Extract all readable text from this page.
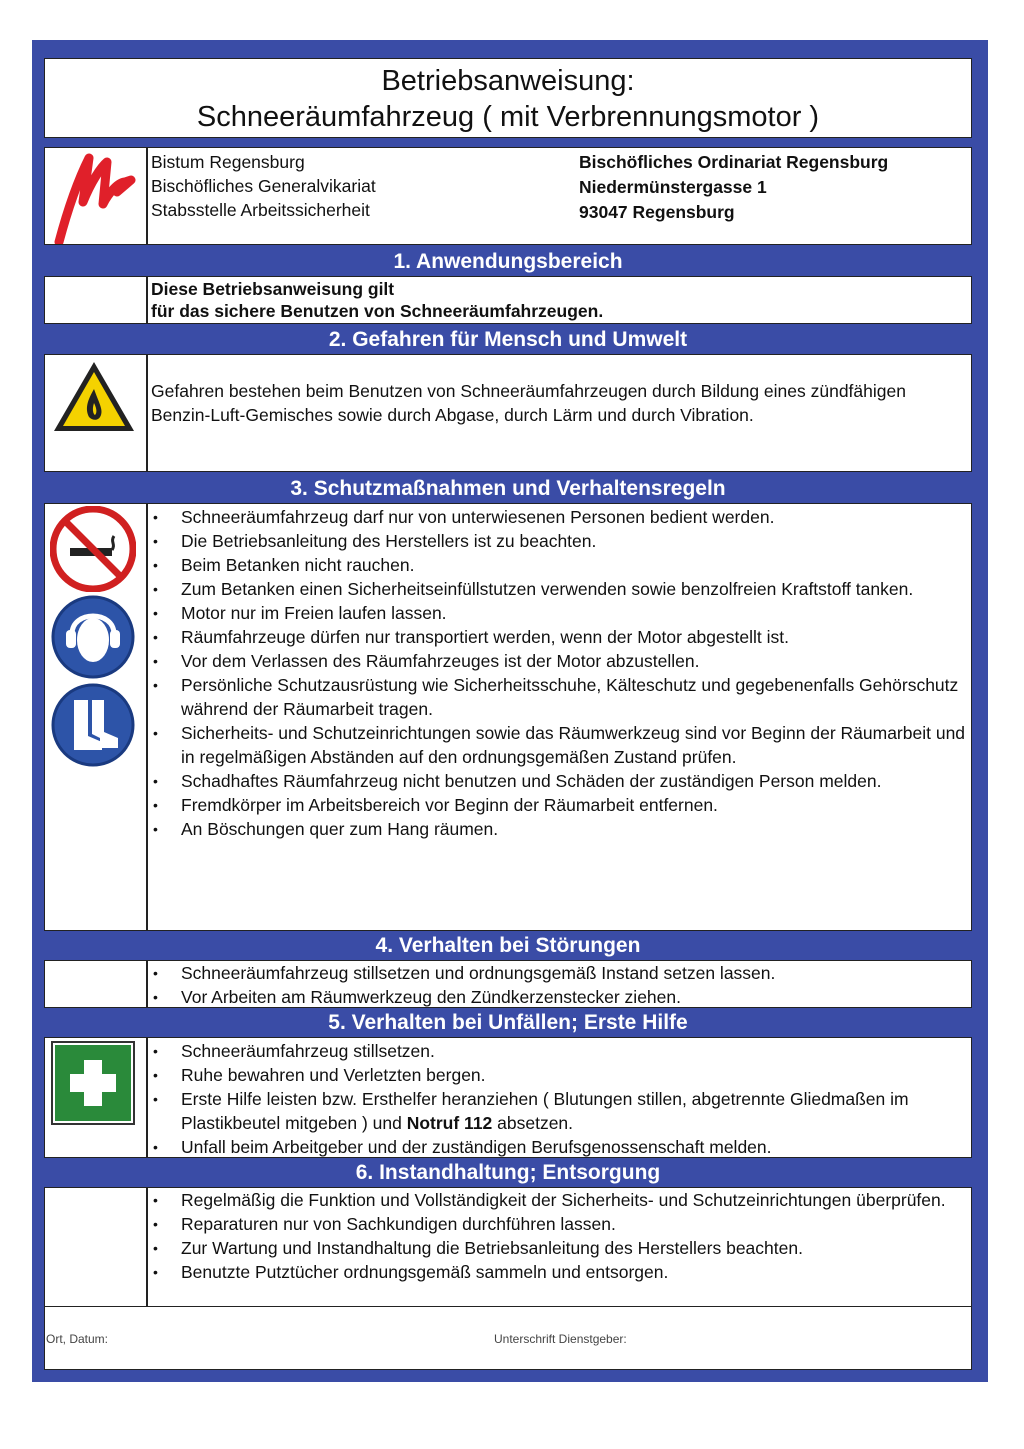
Betriebsanweisung:
Schneeräumfahrzeug ( mit Verbrennungsmotor )
Bistum Regensburg
Bischöfliches Generalvikariat
Stabsstelle Arbeitssicherheit
Bischöfliches Ordinariat Regensburg
Niedermünstergasse 1
93047 Regensburg
1. Anwendungsbereich
Diese Betriebsanweisung gilt
für das sichere Benutzen von Schneeräumfahrzeugen.
2. Gefahren für Mensch und Umwelt
Gefahren bestehen beim Benutzen von Schneeräumfahrzeugen durch Bildung eines zündfähigen Benzin-Luft-Gemisches sowie durch Abgase, durch Lärm und durch Vibration.
3. Schutzmaßnahmen und Verhaltensregeln
• Schneeräumfahrzeug darf nur von unterwiesenen Personen bedient werden.
• Die Betriebsanleitung des Herstellers ist zu beachten.
• Beim Betanken nicht rauchen.
• Zum Betanken einen Sicherheitseinfüllstutzen verwenden sowie benzolfreien Kraftstoff tanken.
• Motor nur im Freien laufen lassen.
• Räumfahrzeuge dürfen nur transportiert werden, wenn der Motor abgestellt ist.
• Vor dem Verlassen des Räumfahrzeuges ist der Motor abzustellen.
• Persönliche Schutzausrüstung wie Sicherheitsschuhe, Kälteschutz und gegebenenfalls Gehörschutz während der Räumarbeit tragen.
• Sicherheits- und Schutzeinrichtungen sowie das Räumwerkzeug sind vor Beginn der Räumarbeit und in regelmäßigen Abständen auf den ordnungsgemäßen Zustand prüfen.
• Schadhaftes Räumfahrzeug nicht benutzen und Schäden der zuständigen Person melden.
• Fremdkörper im Arbeitsbereich vor Beginn der Räumarbeit entfernen.
• An Böschungen quer zum Hang räumen.
4. Verhalten bei Störungen
• Schneeräumfahrzeug stillsetzen und ordnungsgemäß Instand setzen lassen.
• Vor Arbeiten am Räumwerkzeug den Zündkerzenstecker ziehen.
5. Verhalten bei Unfällen; Erste Hilfe
• Schneeräumfahrzeug stillsetzen.
• Ruhe bewahren und Verletzten bergen.
• Erste Hilfe leisten bzw. Ersthelfer heranziehen ( Blutungen stillen, abgetrennte Gliedmaßen im Plastikbeutel mitgeben ) und Notruf 112 absetzen.
• Unfall beim Arbeitgeber und der zuständigen Berufsgenossenschaft melden.
6. Instandhaltung; Entsorgung
• Regelmäßig die Funktion und Vollständigkeit der Sicherheits- und Schutzeinrichtungen überprüfen.
• Reparaturen nur von Sachkundigen durchführen lassen.
• Zur Wartung und Instandhaltung die Betriebsanleitung des Herstellers beachten.
• Benutzte Putztücher ordnungsgemäß sammeln und entsorgen.
Ort, Datum:	Unterschrift Dienstgeber:
